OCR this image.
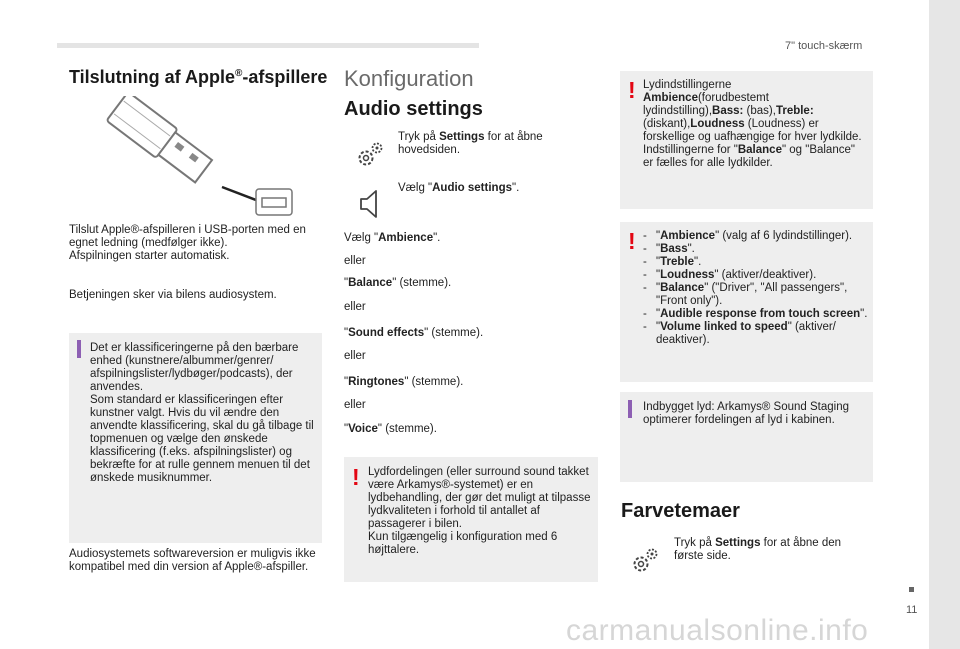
7" touch-skærm
11
Tilslutning af Apple®-afspillere
Tilslut Apple®-afspilleren i USB-porten med en egnet ledning (medfølger ikke).
Afspilningen starter automatisk.
Betjeningen sker via bilens audiosystem.
Det er klassificeringerne på den bærbare enhed (kunstnere/albummer/genrer/ afspilningslister/lydbøger/podcasts), der anvendes.
Som standard er klassificeringen efter kunstner valgt. Hvis du vil ændre den anvendte klassificering, skal du gå tilbage til topmenuen og vælge den ønskede klassificering (f.eks. afspilningslister) og bekræfte for at rulle gennem menuen til det ønskede musiknummer.
Audiosystemets softwareversion er muligvis ikke kompatibel med din version af Apple®-afspiller.
Konfiguration
Audio settings
Tryk på Settings for at åbne hovedsiden.
Vælg "Audio settings".
Vælg "Ambience".
eller
"Balance" (stemme).
eller
"Sound effects" (stemme).
eller
"Ringtones" (stemme).
eller
"Voice" (stemme).
! Lydfordelingen (eller surround sound takket være Arkamys®-systemet) er en lydbehandling, der gør det muligt at tilpasse lydkvaliteten i forhold til antallet af passagerer i bilen.
Kun tilgængelig i konfiguration med 6 højttalere.
! Lydindstillingerne
Ambience(forudbestemt
lydindstilling),Bass: (bas),Treble:
(diskant),Loudness (Loudness) er
forskellige og uafhængige for hver lydkilde.
Indstillingerne for "Balance" og "Balance" er fælles for alle lydkilder.
!
-	"Ambience" (valg af 6 lydindstillinger).
- "Bass".
- "Treble".
- "Loudness" (aktiver/deaktiver).
- "Balance" ("Driver", "All passengers", "Front only").
- "Audible response from touch screen".
- "Volume linked to speed" (aktiver/ deaktiver).
Indbygget lyd: Arkamys® Sound Staging optimerer fordelingen af lyd i kabinen.
Farvetemaer
Tryk på Settings for at åbne den første side.
carmanualsonline.info
